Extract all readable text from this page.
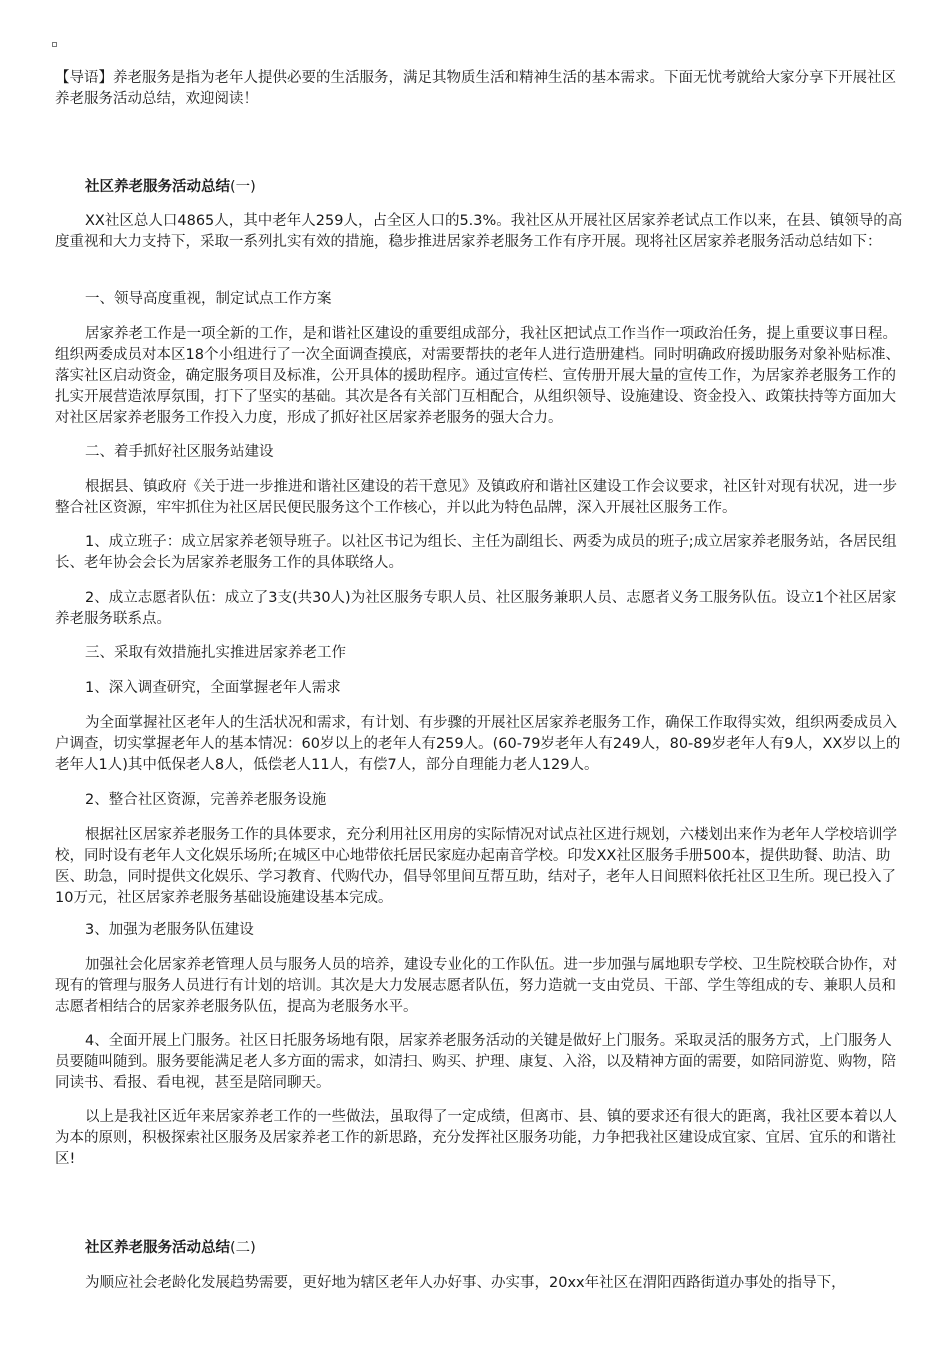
【导语】养老服务是指为老年人提供必要的生活服务，满足其物质生活和精神生活的基本需求。下面无忧考就给大家分享下开展社区养老服务活动总结，欢迎阅读！

社区养老服务活动总结(一)

XX社区总人口4865人，其中老年人259人，占全区人口的5.3%。我社区从开展社区居家养老试点工作以来，在县、镇领导的高度重视和大力支持下，采取一系列扎实有效的措施，稳步推进居家养老服务工作有序开展。现将社区居家养老服务活动总结如下：

一、领导高度重视，制定试点工作方案

居家养老工作是一项全新的工作，是和谐社区建设的重要组成部分，我社区把试点工作当作一项政治任务，提上重要议事日程。组织两委成员对本区18个小组进行了一次全面调查摸底，对需要帮扶的老年人进行造册建档。同时明确政府援助服务对象补贴标准、落实社区启动资金，确定服务项目及标准，公开具体的援助程序。通过宣传栏、宣传册开展大量的宣传工作，为居家养老服务工作的扎实开展营造浓厚氛围，打下了坚实的基础。其次是各有关部门互相配合，从组织领导、设施建设、资金投入、政策扶持等方面加大对社区居家养老服务工作投入力度，形成了抓好社区居家养老服务的强大合力。

二、着手抓好社区服务站建设

根据县、镇政府《关于进一步推进和谐社区建设的若干意见》及镇政府和谐社区建设工作会议要求，社区针对现有状况，进一步整合社区资源，牢牢抓住为社区居民便民服务这个工作核心，并以此为特色品牌，深入开展社区服务工作。

1、成立班子：成立居家养老领导班子。以社区书记为组长、主任为副组长、两委为成员的班子;成立居家养老服务站，各居民组长、老年协会会长为居家养老服务工作的具体联络人。

2、成立志愿者队伍：成立了3支(共30人)为社区服务专职人员、社区服务兼职人员、志愿者义务工服务队伍。设立1个社区居家养老服务联系点。

三、采取有效措施扎实推进居家养老工作

1、深入调查研究，全面掌握老年人需求

为全面掌握社区老年人的生活状况和需求，有计划、有步骤的开展社区居家养老服务工作，确保工作取得实效，组织两委成员入户调查，切实掌握老年人的基本情况：60岁以上的老年人有259人。(60-79岁老年人有249人，80-89岁老年人有9人，XX岁以上的老年人1人)其中低保老人8人，低偿老人11人，有偿7人，部分自理能力老人129人。

2、整合社区资源，完善养老服务设施

根据社区居家养老服务工作的具体要求，充分利用社区用房的实际情况对试点社区进行规划，六楼划出来作为老年人学校培训学校，同时设有老年人文化娱乐场所;在城区中心地带依托居民家庭办起南音学校。印发XX社区服务手册500本，提供助餐、助洁、助医、助急，同时提供文化娱乐、学习教育、代购代办，倡导邻里间互帮互助，结对子，老年人日间照料依托社区卫生所。现已投入了10万元，社区居家养老服务基础设施建设基本完成。

3、加强为老服务队伍建设

加强社会化居家养老管理人员与服务人员的培养，建设专业化的工作队伍。进一步加强与属地职专学校、卫生院校联合协作，对现有的管理与服务人员进行有计划的培训。其次是大力发展志愿者队伍，努力造就一支由党员、干部、学生等组成的专、兼职人员和志愿者相结合的居家养老服务队伍，提高为老服务水平。

4、全面开展上门服务。社区日托服务场地有限，居家养老服务活动的关键是做好上门服务。采取灵活的服务方式，上门服务人员要随叫随到。服务要能满足老人多方面的需求，如清扫、购买、护理、康复、入浴，以及精神方面的需要，如陪同游览、购物，陪同读书、看报、看电视，甚至是陪同聊天。

以上是我社区近年来居家养老工作的一些做法，虽取得了一定成绩，但离市、县、镇的要求还有很大的距离，我社区要本着以人为本的原则，积极探索社区服务及居家养老工作的新思路，充分发挥社区服务功能，力争把我社区建设成宜家、宜居、宜乐的和谐社区!

社区养老服务活动总结(二)

为顺应社会老龄化发展趋势需要，更好地为辖区老年人办好事、办实事，20xx年社区在渭阳西路街道办事处的指导下，
